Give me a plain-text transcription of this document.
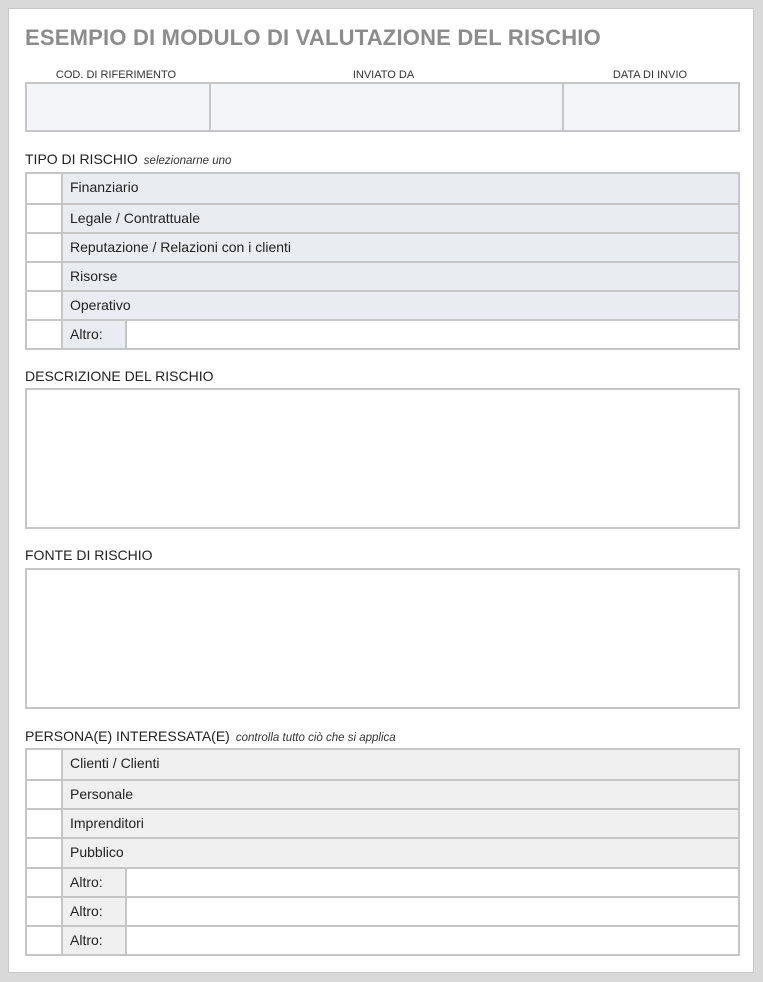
ESEMPIO DI MODULO DI VALUTAZIONE DEL RISCHIO
COD. DI RIFERIMENTO	INVIATO DA	DATA DI INVIO
TIPO DI RISCHIO selezionarne uno
Finanziario
Legale / Contrattuale
Reputazione / Relazioni con i clienti
Risorse
Operativo
Altro:
DESCRIZIONE DEL RISCHIO
FONTE DI RISCHIO
PERSONA(E) INTERESSATA(E) controlla tutto ciò che si applica
Clienti / Clienti
Personale
Imprenditori
Pubblico
Altro:
Altro:
Altro:
